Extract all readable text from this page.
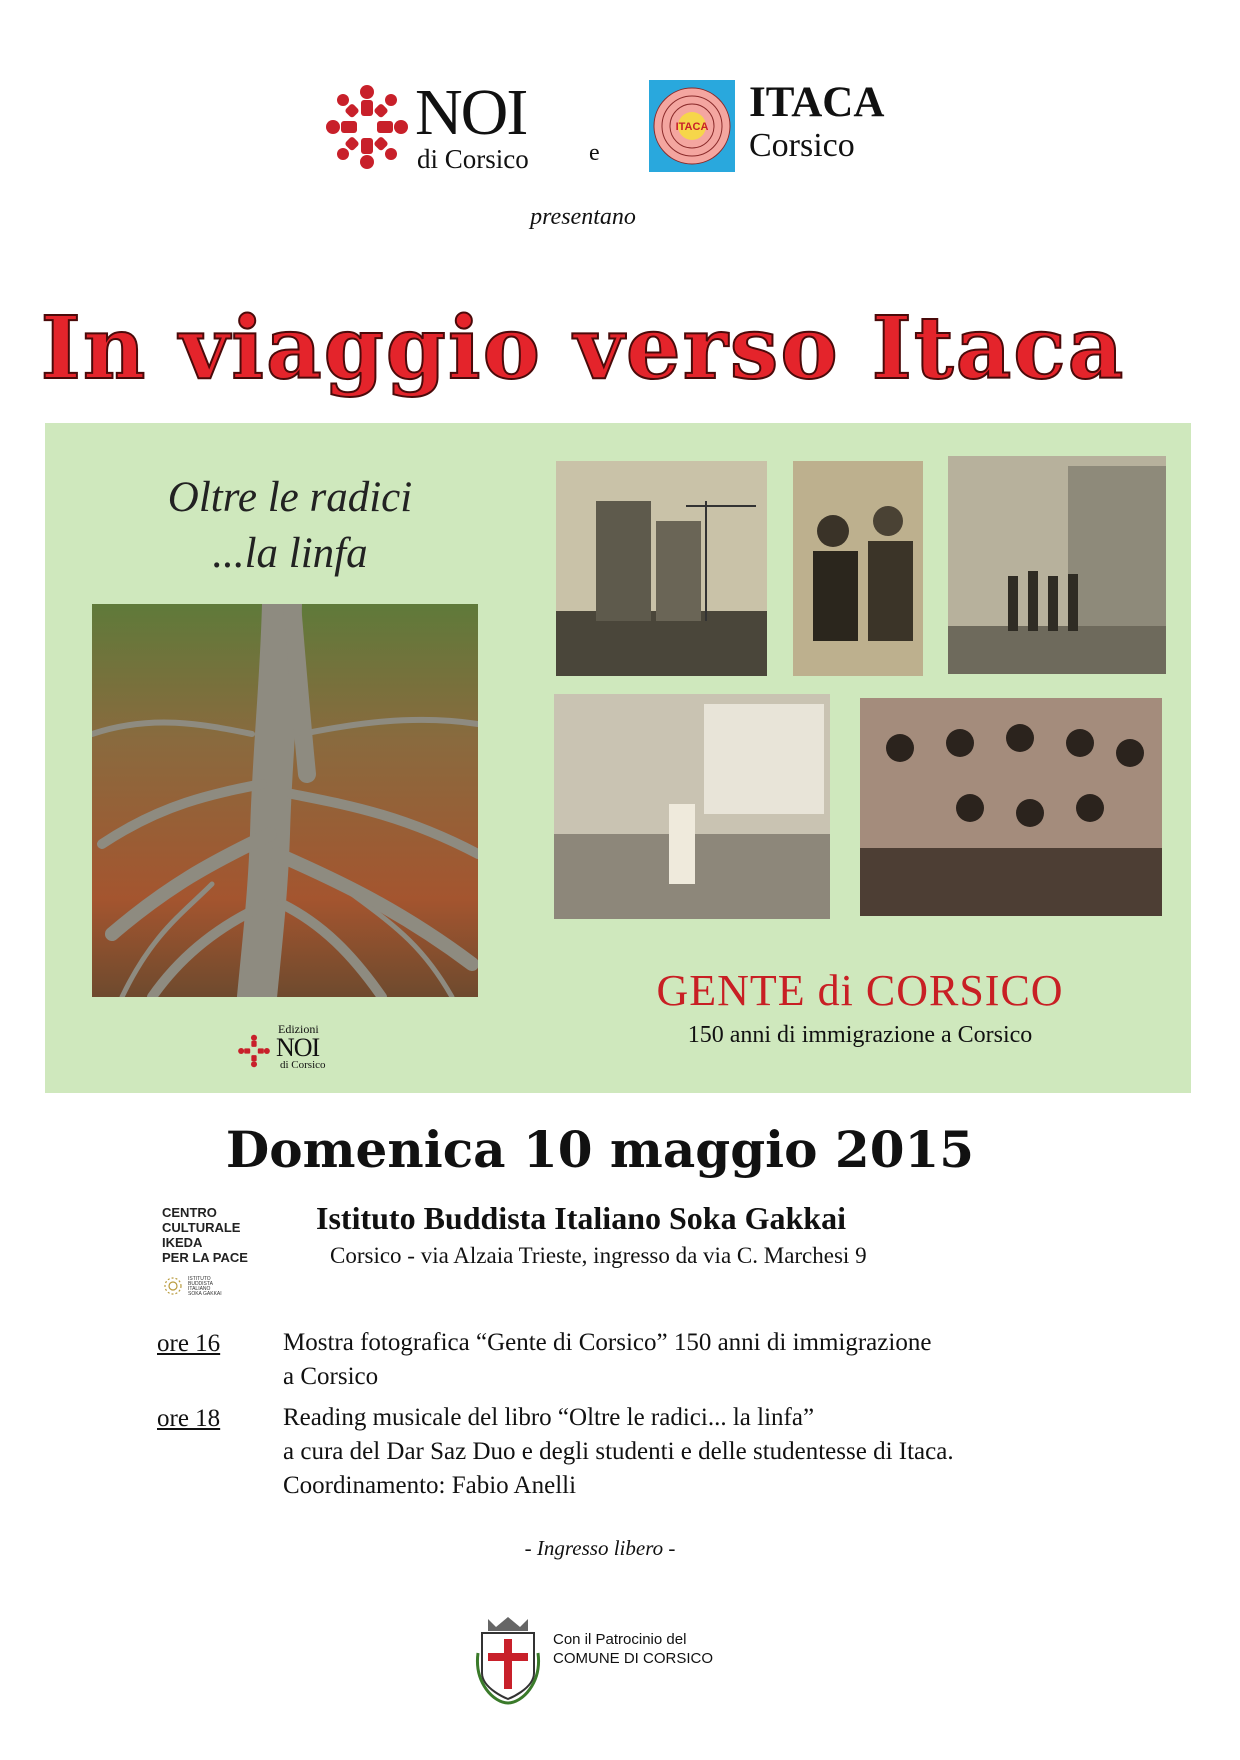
NOI
di Corsico	e
ITACA
ITACA
Corsico
presentano
In viaggio verso Itaca
Oltre le radici
...la linfa
Edizioni
NOI
di Corsico
GENTE di CORSICO
150 anni di immigrazione a Corsico
Domenica 10 maggio 2015
CENTRO
CULTURALE
IKEDA
PER LA PACE
ISTITUTO
BUDDISTA
ITALIANO
SOKA GAKKAI
Istituto Buddista Italiano Soka Gakkai
Corsico - via Alzaia Trieste, ingresso da via C. Marchesi 9
ore 16	Mostra fotografica “Gente di Corsico” 150 anni di immigrazione
a Corsico
ore 18	Reading musicale del libro “Oltre le radici... la linfa”
a cura del Dar Saz Duo e degli studenti e delle studentesse di Itaca.
Coordinamento: Fabio Anelli
- Ingresso libero -
Con il Patrocinio del
COMUNE DI CORSICO
